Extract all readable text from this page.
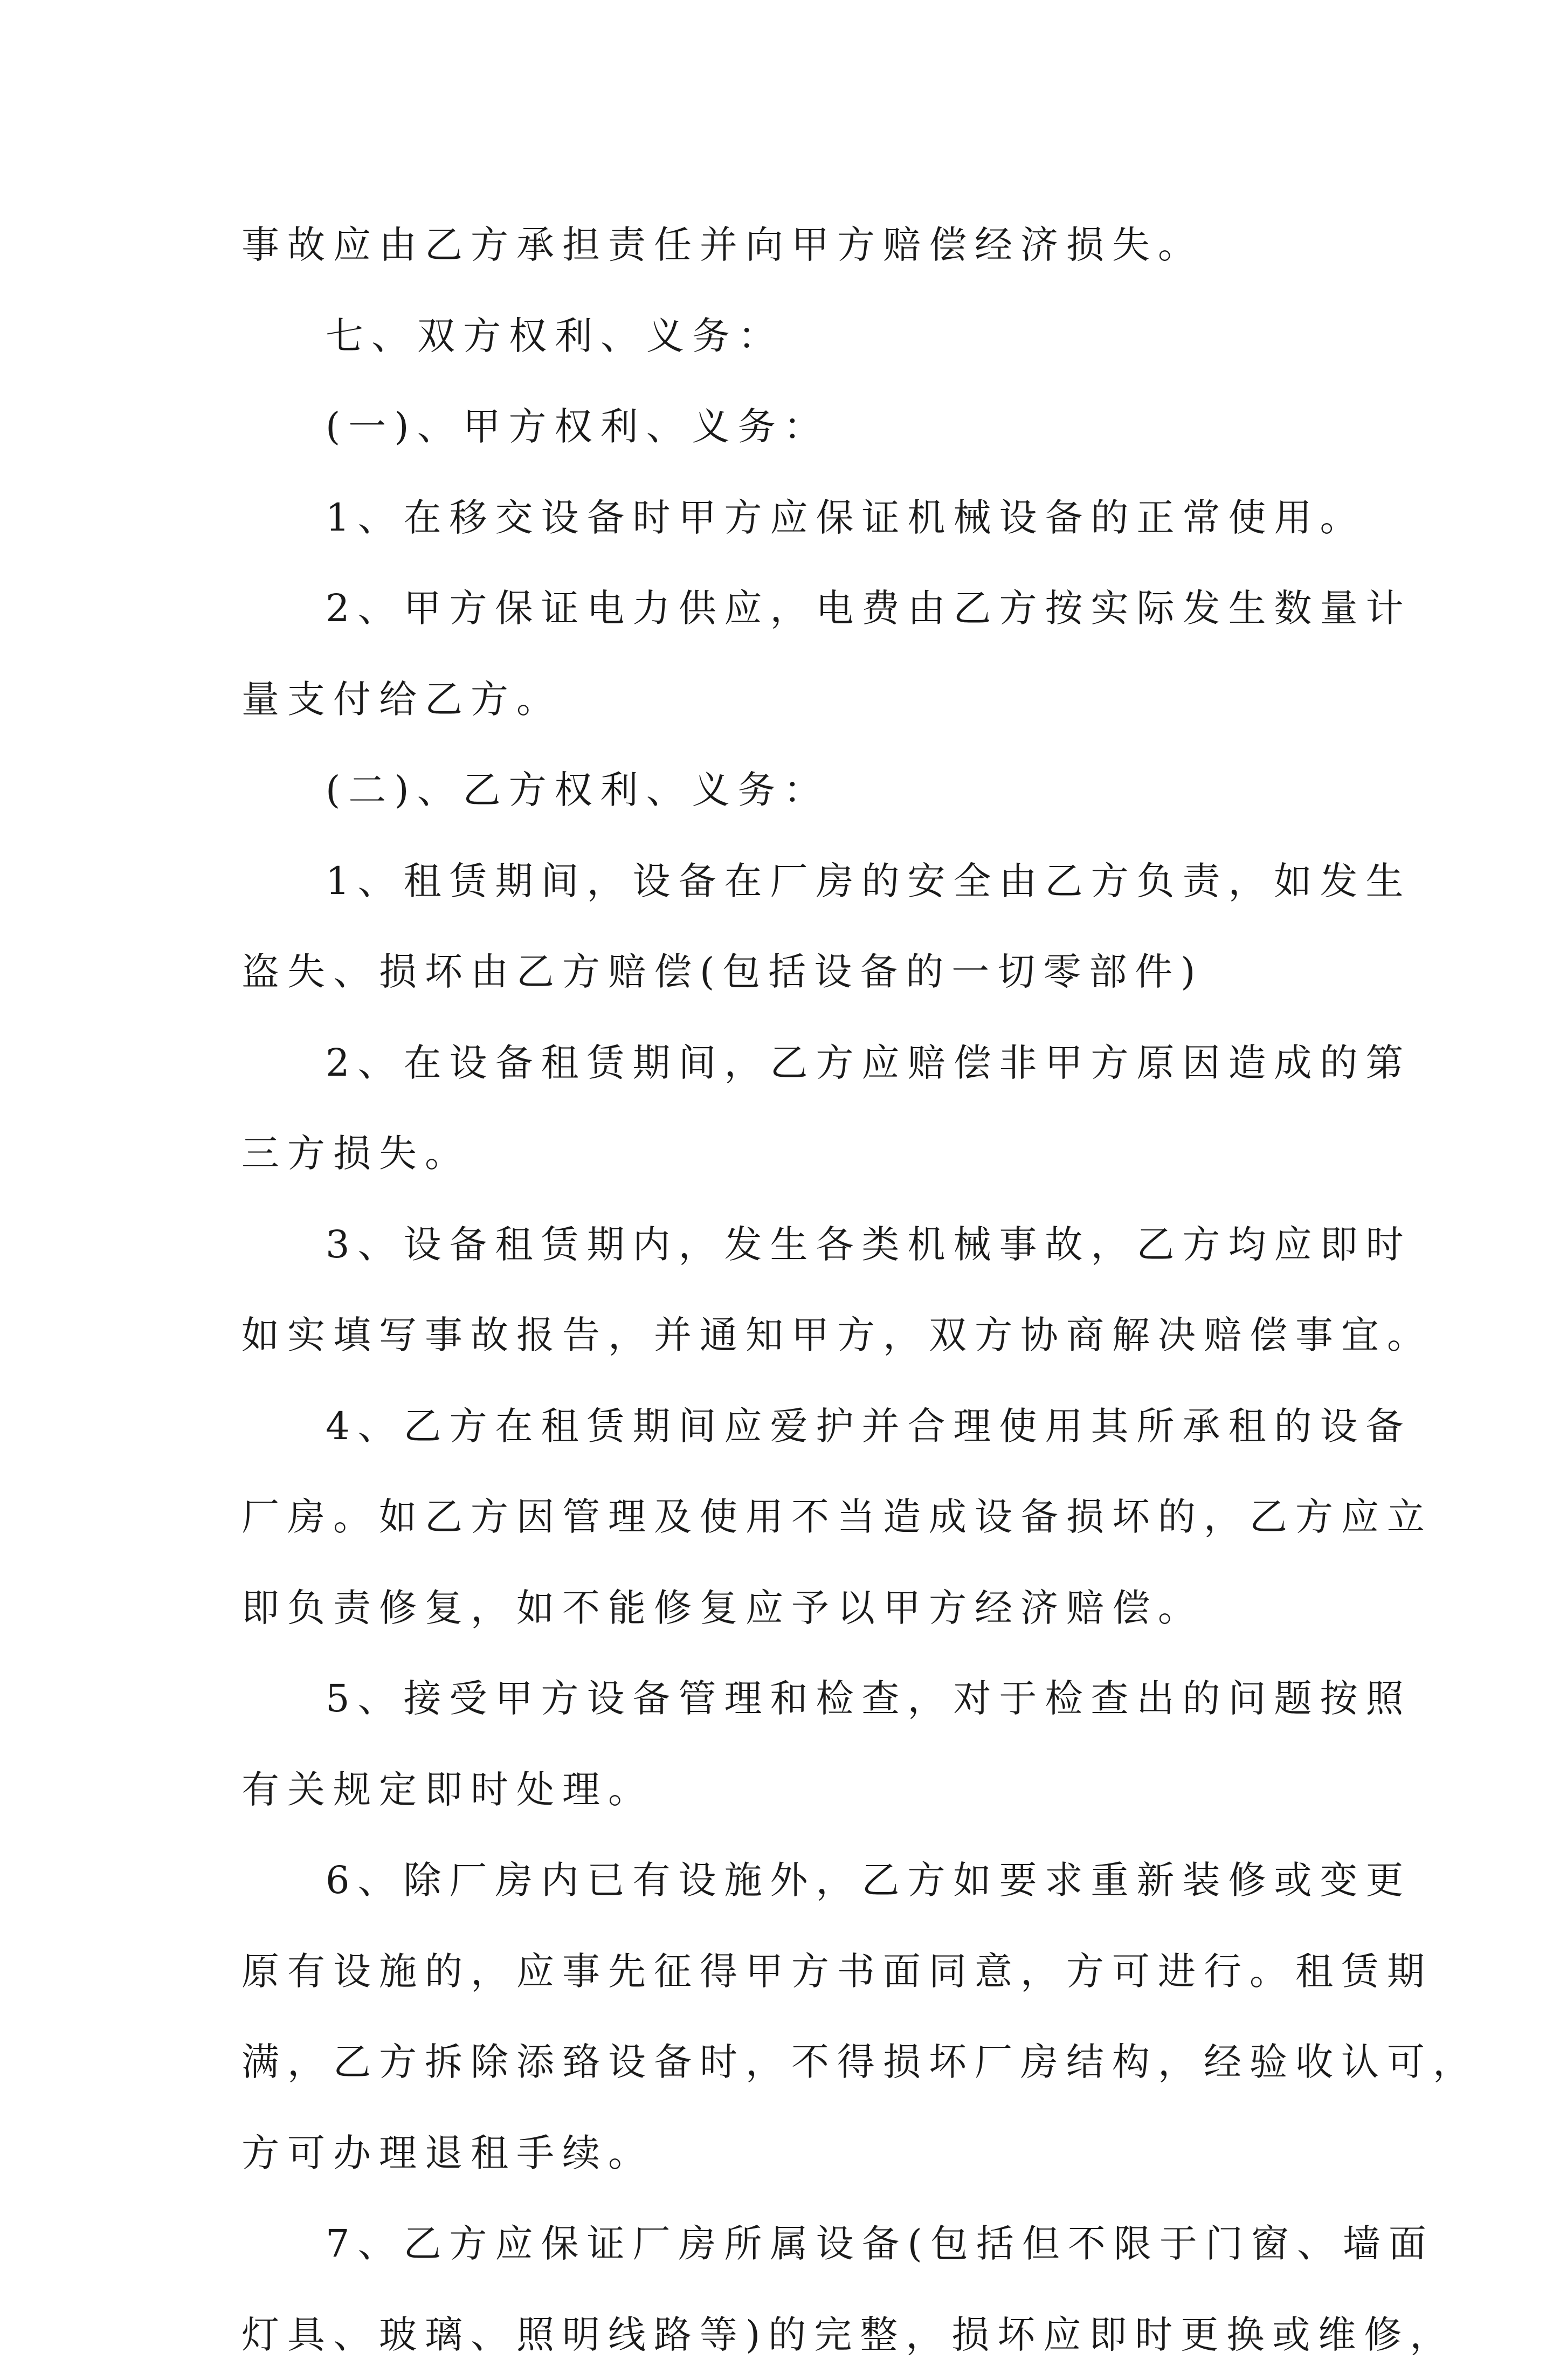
事故应由乙方承担责任并向甲方赔偿经济损失。
七、双方权利、义务：
(一)、甲方权利、义务：
1、在移交设备时甲方应保证机械设备的正常使用。
2、甲方保证电力供应，电费由乙方按实际发生数量计
量支付给乙方。
(二)、乙方权利、义务：
1、租赁期间，设备在厂房的安全由乙方负责，如发生
盗失、损坏由乙方赔偿(包括设备的一切零部件)
2、在设备租赁期间，乙方应赔偿非甲方原因造成的第
三方损失。
3、设备租赁期内，发生各类机械事故，乙方均应即时
如实填写事故报告，并通知甲方，双方协商解决赔偿事宜。
4、乙方在租赁期间应爱护并合理使用其所承租的设备
厂房。如乙方因管理及使用不当造成设备损坏的，乙方应立
即负责修复，如不能修复应予以甲方经济赔偿。
5、接受甲方设备管理和检查，对于检查出的问题按照
有关规定即时处理。
6、除厂房内已有设施外，乙方如要求重新装修或变更
原有设施的，应事先征得甲方书面同意，方可进行。租赁期
满，乙方拆除添臵设备时，不得损坏厂房结构，经验收认可，
方可办理退租手续。
7、乙方应保证厂房所属设备(包括但不限于门窗、墙面
灯具、玻璃、照明线路等)的完整，损坏应即时更换或维修，
